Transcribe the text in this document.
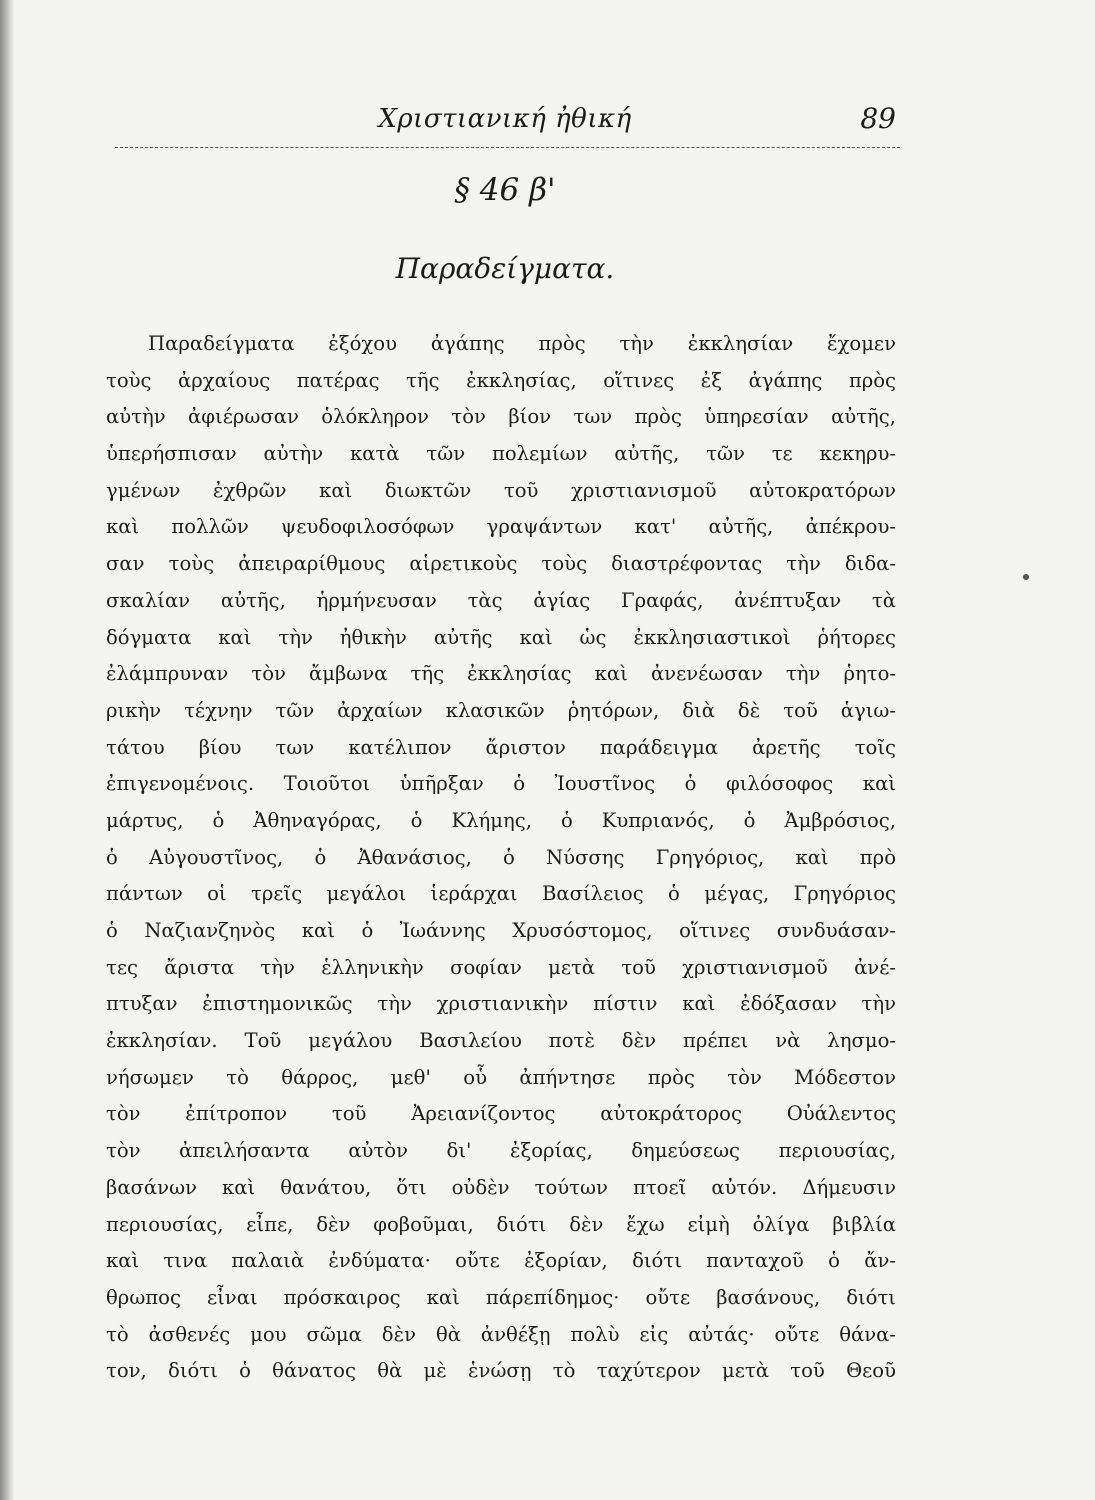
Χριστιανική ἠθική	89
§ 46 β'
Παραδείγματα.
Παραδείγματα ἐξόχου ἀγάπης πρὸς τὴν ἐκκλησίαν ἔχομεν
τοὺς ἀρχαίους πατέρας τῆς ἐκκλησίας, οἵτινες ἐξ ἀγάπης πρὸς
αὐτὴν ἀφιέρωσαν ὁλόκληρον τὸν βίον των πρὸς ὑπηρεσίαν αὐτῆς,
ὑπερήσπισαν αὐτὴν κατὰ τῶν πολεμίων αὐτῆς, τῶν τε κεκηρυ-
γμένων ἐχθρῶν καὶ διωκτῶν τοῦ χριστιανισμοῦ αὐτοκρατόρων
καὶ πολλῶν ψευδοφιλοσόφων γραψάντων κατ' αὐτῆς, ἀπέκρου-
σαν τοὺς ἀπειραρίθμους αἱρετικοὺς τοὺς διαστρέφοντας τὴν διδα-
σκαλίαν αὐτῆς, ἡρμήνευσαν τὰς ἁγίας Γραφάς, ἀνέπτυξαν τὰ
δόγματα καὶ τὴν ἠθικὴν αὐτῆς καὶ ὡς ἐκκλησιαστικοὶ ῥήτορες
ἐλάμπρυναν τὸν ἄμβωνα τῆς ἐκκλησίας καὶ ἀνενέωσαν τὴν ῥητο-
ρικὴν τέχνην τῶν ἀρχαίων κλασικῶν ῥητόρων, διὰ δὲ τοῦ ἁγιω-
τάτου βίου των κατέλιπον ἄριστον παράδειγμα ἀρετῆς τοῖς
ἐπιγενομένοις. Τοιοῦτοι ὑπῆρξαν ὁ Ἰουστῖνος ὁ φιλόσοφος καὶ
μάρτυς, ὁ Ἀθηναγόρας, ὁ Κλήμης, ὁ Κυπριανός, ὁ Ἀμβρόσιος,
ὁ Αὐγουστῖνος, ὁ Ἀθανάσιος, ὁ Νύσσης Γρηγόριος, καὶ πρὸ
πάντων οἱ τρεῖς μεγάλοι ἱεράρχαι Βασίλειος ὁ μέγας, Γρηγόριος
ὁ Ναζιανζηνὸς καὶ ὁ Ἰωάννης Χρυσόστομος, οἵτινες συνδυάσαν-
τες ἄριστα τὴν ἑλληνικὴν σοφίαν μετὰ τοῦ χριστιανισμοῦ ἀνέ-
πτυξαν ἐπιστημονικῶς τὴν χριστιανικὴν πίστιν καὶ ἐδόξασαν τὴν
ἐκκλησίαν. Τοῦ μεγάλου Βασιλείου ποτὲ δὲν πρέπει νὰ λησμο-
νήσωμεν τὸ θάρρος, μεθ' οὗ ἀπήντησε πρὸς τὸν Μόδεστον
τὸν ἐπίτροπον τοῦ Ἀρειανίζοντος αὐτοκράτορος Οὐάλεντος
τὸν ἀπειλήσαντα αὐτὸν δι' ἐξορίας, δημεύσεως περιουσίας,
βασάνων καὶ θανάτου, ὅτι οὐδὲν τούτων πτοεῖ αὐτόν. Δήμευσιν
περιουσίας, εἶπε, δὲν φοβοῦμαι, διότι δὲν ἔχω εἰμὴ ὀλίγα βιβλία
καὶ τινα παλαιὰ ἐνδύματα· οὔτε ἐξορίαν, διότι πανταχοῦ ὁ ἄν-
θρωπος εἶναι πρόσκαιρος καὶ πάρεπίδημος· οὔτε βασάνους, διότι
τὸ ἀσθενές μου σῶμα δὲν θὰ ἀνθέξῃ πολὺ εἰς αὐτάς· οὔτε θάνα-
τον, διότι ὁ θάνατος θὰ μὲ ἑνώσῃ τὸ ταχύτερον μετὰ τοῦ Θεοῦ
